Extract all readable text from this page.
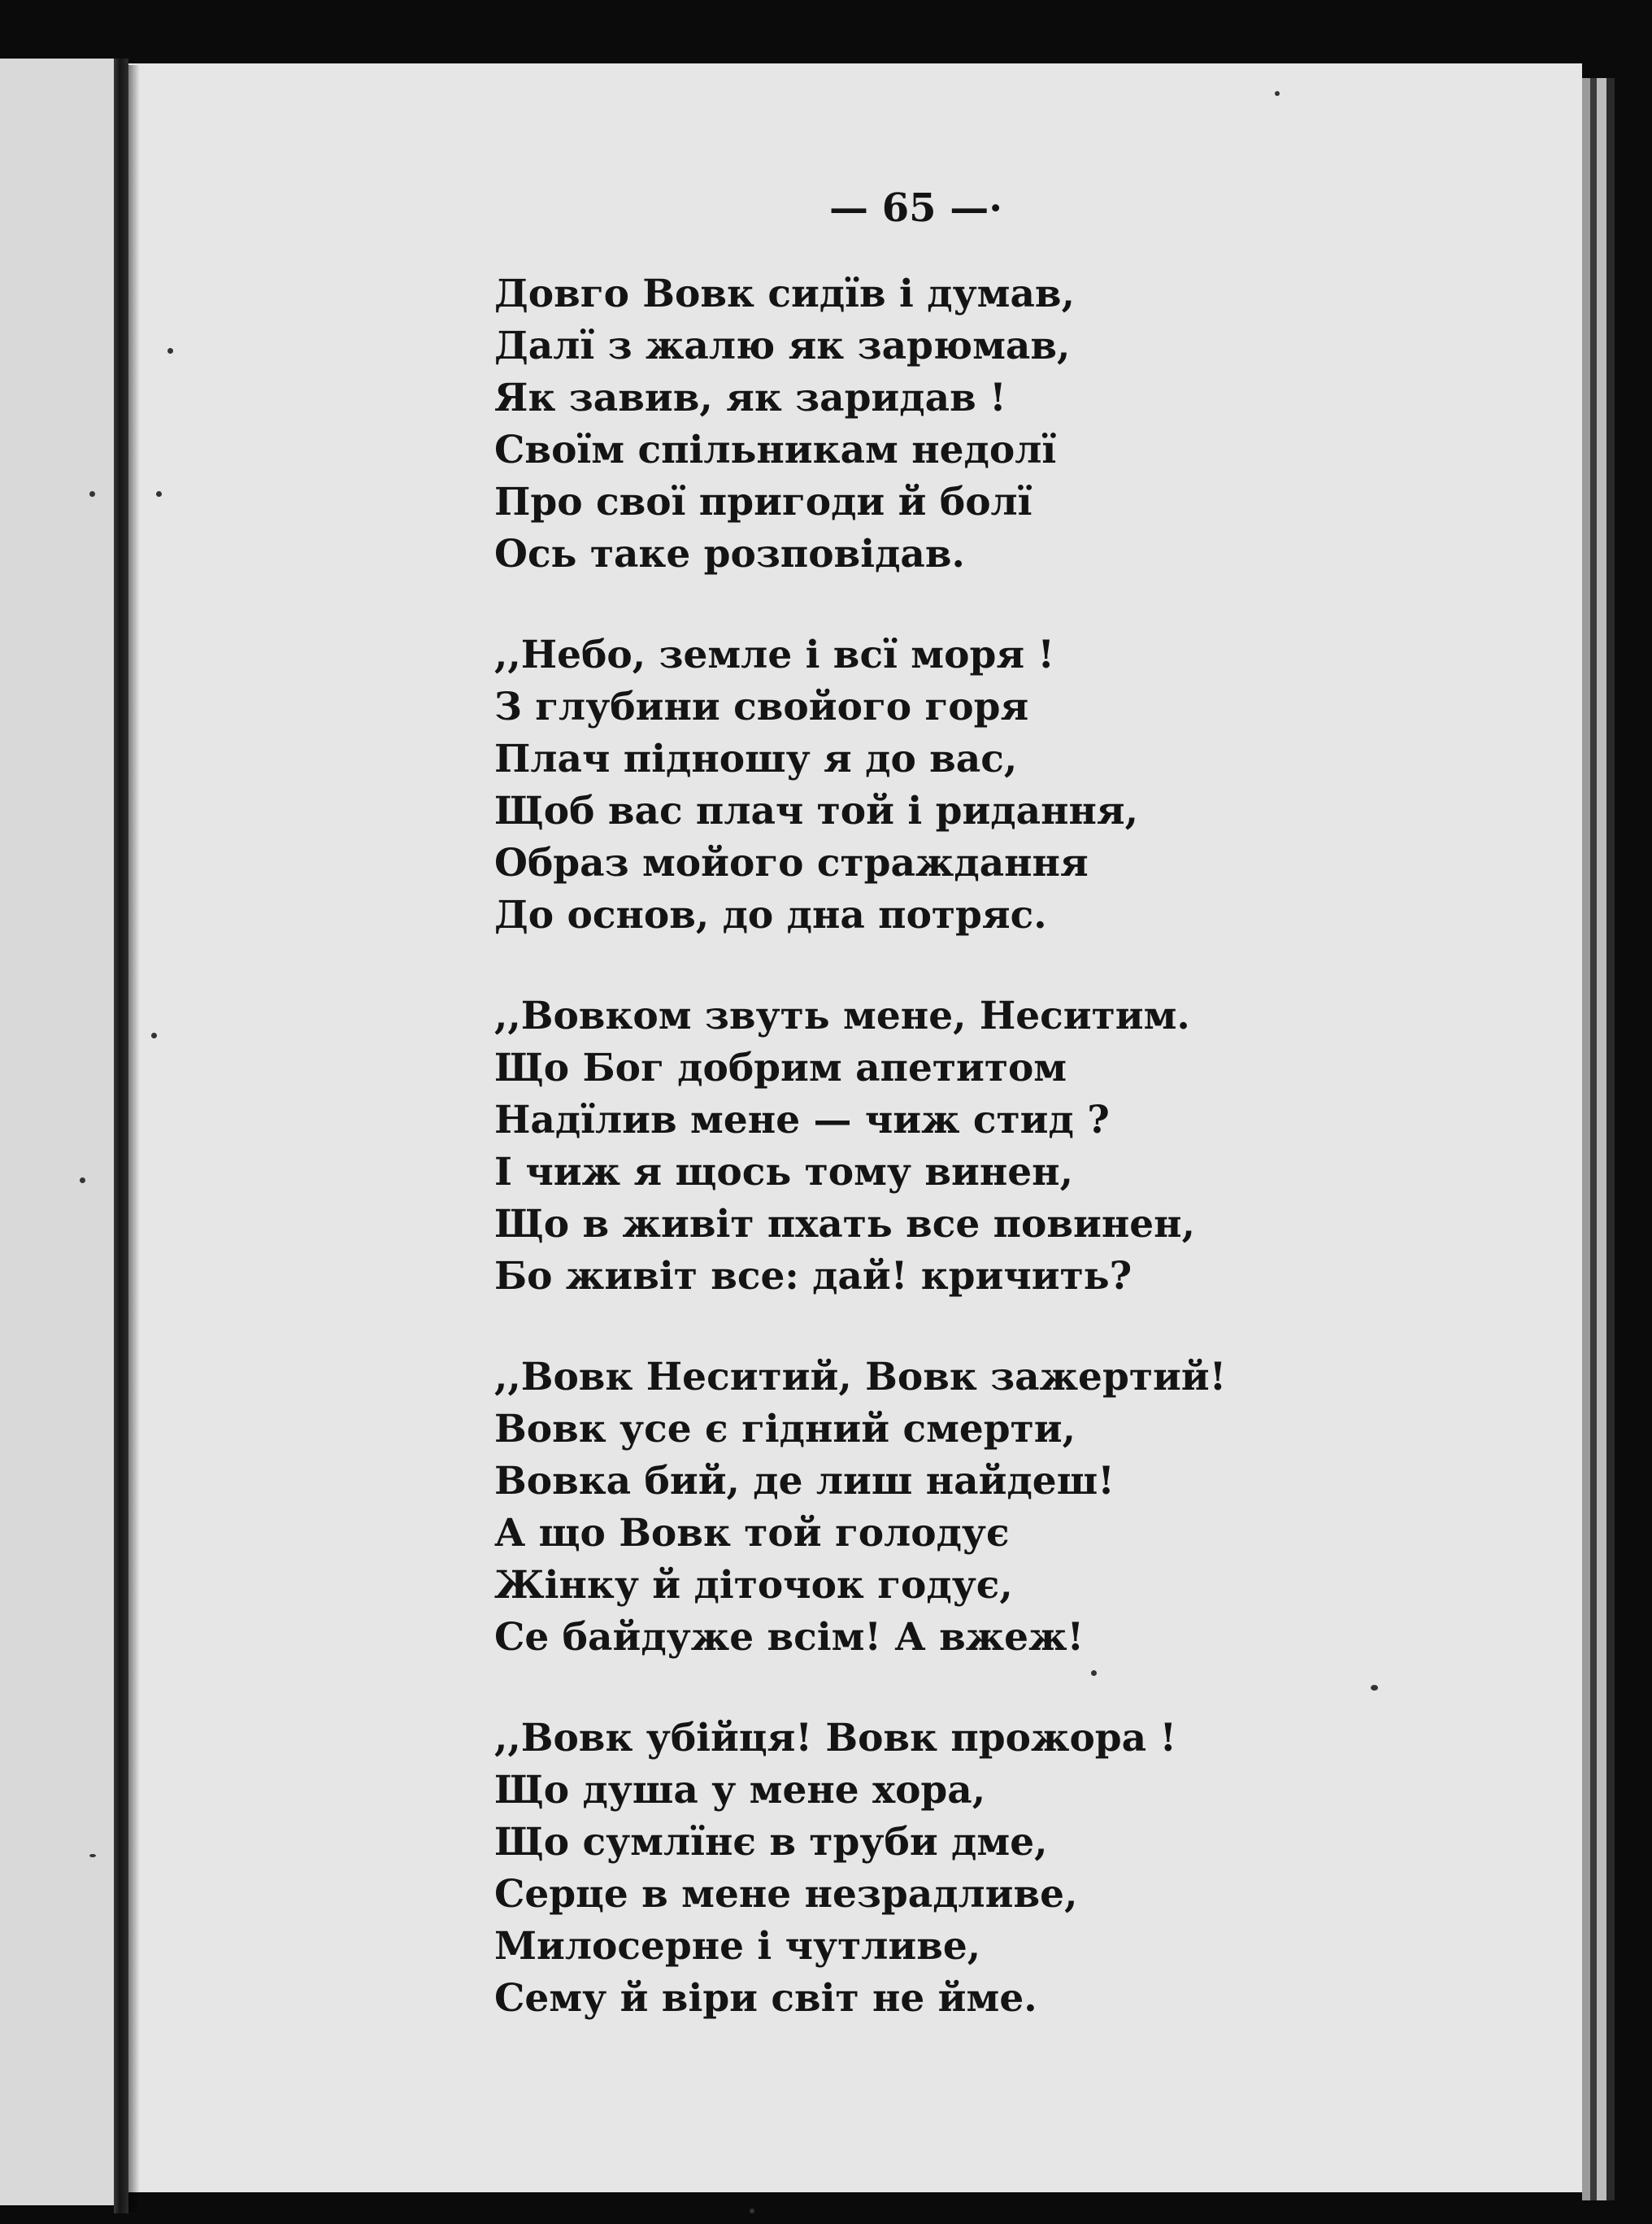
— 65 —·
Довго Вовк сидїв і думав,
Далї з жалю як зарюмав,
Як завив, як заридав !
Своїм спільникам недолї
Про свої пригоди й болї
Ось таке розповідав.
,,Небо, земле і всї моря !
З глубини свойого горя
Плач підношу я до вас,
Щоб вас плач той і ридання,
Образ мойого страждання
До основ, до дна потряс.
,,Вовком звуть мене, Неситим.
Що Бог добрим апетитом
Надїлив мене — чиж стид ?
І чиж я щось тому винен,
Що в живіт пхать все повинен,
Бо живіт все: дай! кричить?
,,Вовк Неситий, Вовк зажертий!
Вовк усе є гідний смерти,
Вовка бий, де лиш найдеш!
А що Вовк той голодує
Жінку й діточок годує,
Се байдуже всім! А вжеж!
,,Вовк убійця! Вовк прожора !
Що душа у мене хора,
Що сумлїнє в труби дме,
Серце в мене незрадливе,
Милосерне і чутливе,
Сему й віри світ не йме.
